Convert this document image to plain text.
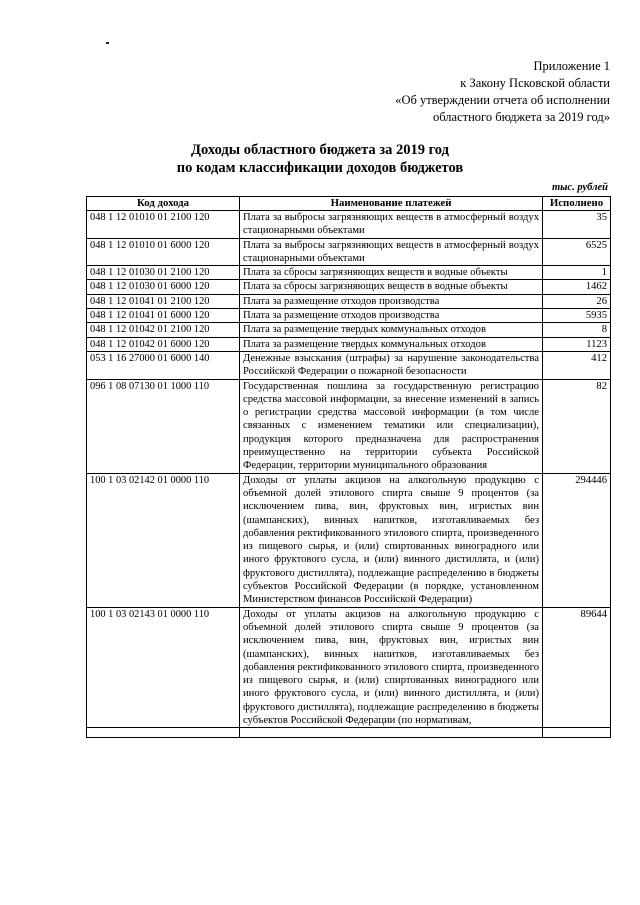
Приложение 1
к Закону Псковской области
«Об утверждении отчета об исполнении
областного бюджета за 2019 год»
Доходы областного бюджета за 2019 год
по кодам классификации доходов бюджетов
тыс. рублей
Код дохода	Наименование платежей	Исполнено
048 1 12 01010 01 2100 120	Плата за выбросы загрязняющих веществ в атмосферный воздух стационарными объектами	35
048 1 12 01010 01 6000 120	Плата за выбросы загрязняющих веществ в атмосферный воздух стационарными объектами	6525
048 1 12 01030 01 2100 120	Плата за сбросы загрязняющих веществ в водные объекты	1
048 1 12 01030 01 6000 120	Плата за сбросы загрязняющих веществ в водные объекты	1462
048 1 12 01041 01 2100 120	Плата за размещение отходов производства	26
048 1 12 01041 01 6000 120	Плата за размещение отходов производства	5935
048 1 12 01042 01 2100 120	Плата за размещение твердых коммунальных отходов	8
048 1 12 01042 01 6000 120	Плата за размещение твердых коммунальных отходов	1123
053 1 16 27000 01 6000 140	Денежные взыскания (штрафы) за нарушение законодательства Российской Федерации о пожарной безопасности	412
096 1 08 07130 01 1000 110	Государственная пошлина за государственную регистрацию средства массовой информации, за внесение изменений в запись о регистрации средства массовой информации (в том числе связанных с изменением тематики или специализации), продукция которого предназначена для распространения преимущественно на территории субъекта Российской Федерации, территории муниципального образования	82
100 1 03 02142 01 0000 110	Доходы от уплаты акцизов на алкогольную продукцию с объемной долей этилового спирта свыше 9 процентов (за исключением пива, вин, фруктовых вин, игристых вин (шампанских), винных напитков, изготавливаемых без добавления ректификованного этилового спирта, произведенного из пищевого сырья, и (или) спиртованных виноградного или иного фруктового сусла, и (или) винного дистиллята, и (или) фруктового дистиллята), подлежащие распределению в бюджеты субъектов Российской Федерации (в порядке, установленном Министерством финансов Российской Федерации)	294446
100 1 03 02143 01 0000 110	Доходы от уплаты акцизов на алкогольную продукцию с объемной долей этилового спирта свыше 9 процентов (за исключением пива, вин, фруктовых вин, игристых вин (шампанских), винных напитков, изготавливаемых без добавления ректификованного этилового спирта, произведенного из пищевого сырья, и (или) спиртованных виноградного или иного фруктового сусла, и (или) винного дистиллята, и (или) фруктового дистиллята), подлежащие распределению в бюджеты субъектов Российской Федерации (по нормативам,	89644
